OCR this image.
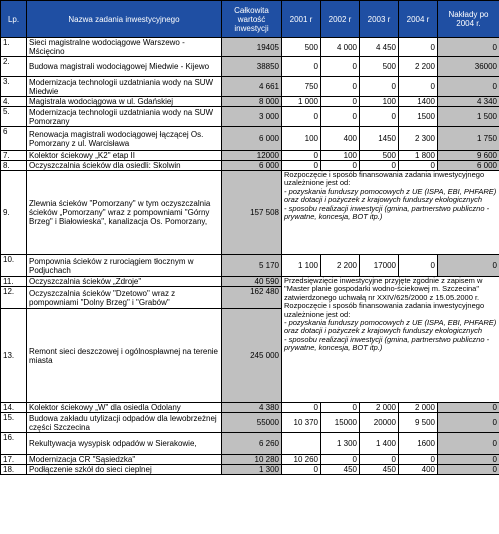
Lp.	Nazwa zadania inwestycyjnego	Całkowita wartość inwestycji	2001 r	2002 r	2003 r	2004 r	Nakłady po 2004 r.
1.	Sieci magistralne wodociągowe Warszewo - Mścięcino	19405	500	4 000	4 450	0	0
2.	Budowa magistrali wodociągowej Miedwie - Kijewo	38850	0	0	500	2 200	36000
3.	Modernizacja technologii uzdatniania wody na SUW Miedwie	4 661	750	0	0	0	0
4.	Magistrala wodociągowa w ul. Gdańskiej	8 000	1 000	0	100	1400	4 340
5.	Modernizacja technologii uzdatniania wody na SUW Pomorzany	3 000	0	0	0	1500	1 500
6	Renowacja magistrali wodociągowej łączącej Os. Pomorzany z ul. Warcisława	6 000	100	400	1450	2 300	1 750
7.	Kolektor ściekowy „K2" etap II	12000	0	100	500	1 800	9 600
8.	Oczyszczalnia ścieków dla osiedli: Skolwin	6 000	0	0	0	0	6 000
9.	Zlewnia ścieków "Pomorzany" w tym oczyszczalnia ścieków „Pomorzany" wraz z pompowniami "Górny Brzeg" i Białowieska", kanalizacja Os. Pomorzany,	157 508	Rozpoczęcie i sposób finansowania zadania inwestycyjnego uzależnione jest od:
- pozyskania funduszy pomocowych z UE (ISPA, EBI, PHFARE) oraz dotacji i pożyczek z krajowych funduszy ekologicznych
- sposobu realizacji inwestycji (gmina, partnerstwo publiczno - prywatne, koncesja, BOT itp.)				

10.	Pompownia ścieków z rurociągiem tłocznym w Podjuchach	5 170	1 100	2 200	17000	0	0
11.	Oczyszczalnia ścieków „Zdroje"	40 590	Przedsięwzięcie inwestycyjne przyjęte zgodnie z zapisem w "Master planie gospodarki wodno-ściekowej m. Szczecina" zatwierdzonego uchwałą nr XXIV/625/2000 z 15.05.2000 r.
Rozpoczęcie i sposób finansowania zadania inwestycyjnego uzależnione jest od:
- pozyskania funduszy pomocowych z UE (ISPA, EBI, PHFARE) oraz dotacji i pożyczek z krajowych funduszy ekologicznych
- sposobu realizacji inwestycji (gmina, partnerstwo publiczno - prywatne, koncesja, BOT itp.)				

12.	Oczyszczalnia ścieków "Dzetowo" wraz z pompowniami "Dolny Brzeg" i "Grabów"	162 480					
13.	Remont sieci deszczowej i ogólnospławnej na terenie miasta	245 000					
14.	Kolektor ściekowy „W" dla osiedla Odolany	4 380	0	0	2 000	2 000	0
15.	Budowa zakładu utylizacji odpadów dla lewobrzeżnej części Szczecina	55000	10 370	15000	20000	9 500	0
16.	Rekultywacja wysypisk odpadów w Sierakowie,	6 260		1 300	1 400	1600	0
17.	Modernizacja CR "Sąsiedzka"	10 280	10 260	0	0	0	0
18.	Podłączenie szkół do sieci cieplnej	1 300	0	450	450	400	0
